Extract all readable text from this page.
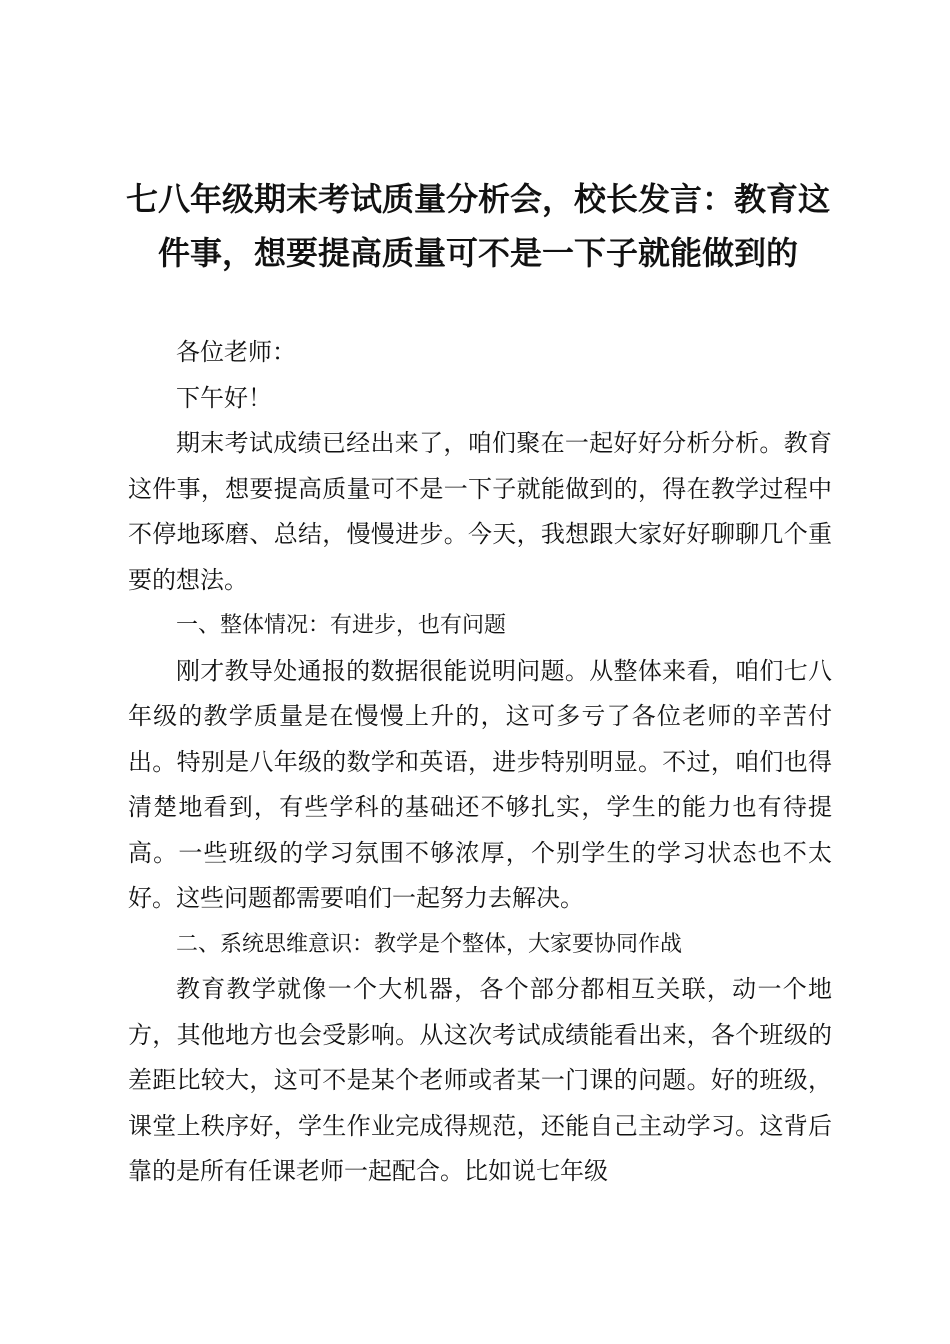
七八年级期末考试质量分析会，校长发言：教育这件事，想要提高质量可不是一下子就能做到的

各位老师：

下午好！

期末考试成绩已经出来了，咱们聚在一起好好分析分析。教育这件事，想要提高质量可不是一下子就能做到的，得在教学过程中不停地琢磨、总结，慢慢进步。今天，我想跟大家好好聊聊几个重要的想法。

一、整体情况：有进步，也有问题

刚才教导处通报的数据很能说明问题。从整体来看，咱们七八年级的教学质量是在慢慢上升的，这可多亏了各位老师的辛苦付出。特别是八年级的数学和英语，进步特别明显。不过，咱们也得清楚地看到，有些学科的基础还不够扎实，学生的能力也有待提高。一些班级的学习氛围不够浓厚，个别学生的学习状态也不太好。这些问题都需要咱们一起努力去解决。

二、系统思维意识：教学是个整体，大家要协同作战

教育教学就像一个大机器，各个部分都相互关联，动一个地方，其他地方也会受影响。从这次考试成绩能看出来，各个班级的差距比较大，这可不是某个老师或者某一门课的问题。好的班级，课堂上秩序好，学生作业完成得规范，还能自己主动学习。这背后靠的是所有任课老师一起配合。比如说七年级
